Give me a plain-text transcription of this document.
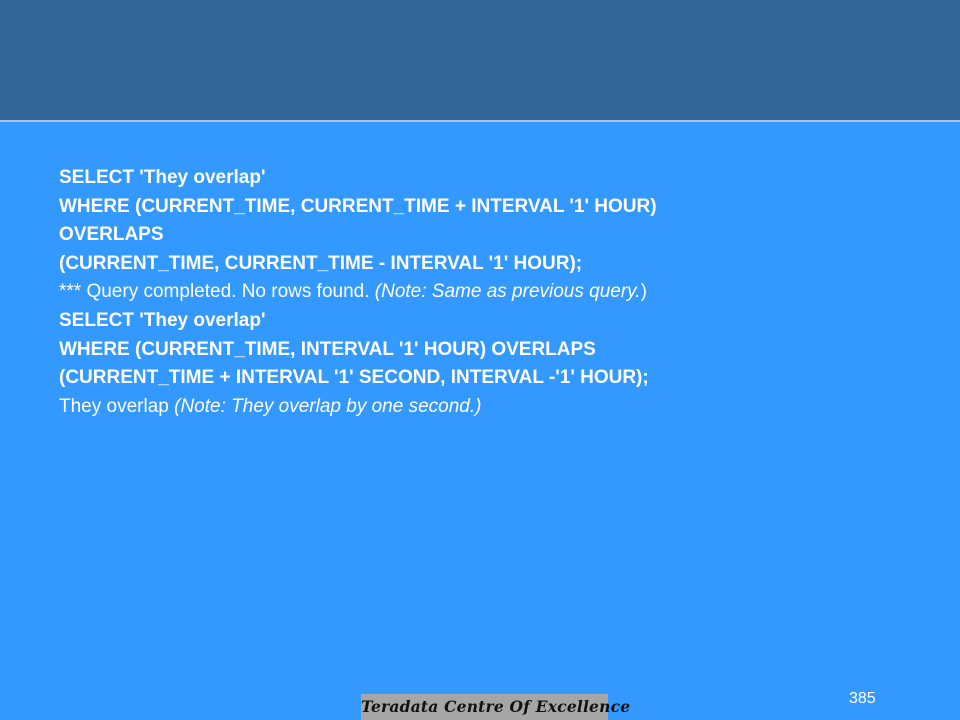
SELECT 'They overlap'
WHERE (CURRENT_TIME, CURRENT_TIME + INTERVAL '1' HOUR)
OVERLAPS
(CURRENT_TIME, CURRENT_TIME - INTERVAL '1' HOUR);
*** Query completed. No rows found. (Note: Same as previous query.)
SELECT 'They overlap'
WHERE (CURRENT_TIME, INTERVAL '1' HOUR) OVERLAPS
(CURRENT_TIME + INTERVAL '1' SECOND, INTERVAL -'1' HOUR);
They overlap (Note: They overlap by one second.)
Teradata Centre Of Excellence	385
